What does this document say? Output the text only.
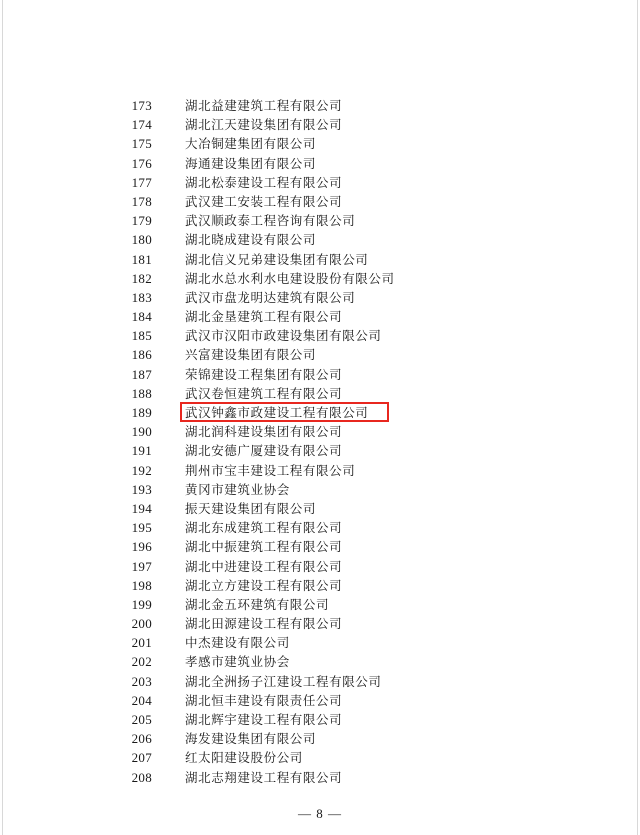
173	湖北益建建筑工程有限公司
174	湖北江天建设集团有限公司
175	大冶铜建集团有限公司
176	海通建设集团有限公司
177	湖北松泰建设工程有限公司
178	武汉建工安装工程有限公司
179	武汉顺政泰工程咨询有限公司
180	湖北晓成建设有限公司
181	湖北信义兄弟建设集团有限公司
182	湖北水总水利水电建设股份有限公司
183	武汉市盘龙明达建筑有限公司
184	湖北金垦建筑工程有限公司
185	武汉市汉阳市政建设集团有限公司
186	兴富建设集团有限公司
187	荣锦建设工程集团有限公司
188	武汉卷恒建筑工程有限公司
189	武汉钟鑫市政建设工程有限公司
190	湖北润科建设集团有限公司
191	湖北安德广厦建设有限公司
192	荆州市宝丰建设工程有限公司
193	黄冈市建筑业协会
194	振天建设集团有限公司
195	湖北东成建筑工程有限公司
196	湖北中振建筑工程有限公司
197	湖北中进建设工程有限公司
198	湖北立方建设工程有限公司
199	湖北金五环建筑有限公司
200	湖北田源建设工程有限公司
201	中杰建设有限公司
202	孝感市建筑业协会
203	湖北全洲扬子江建设工程有限公司
204	湖北恒丰建设有限责任公司
205	湖北辉宇建设工程有限公司
206	海发建设集团有限公司
207	红太阳建设股份公司
208	湖北志翔建设工程有限公司
— 8 —
